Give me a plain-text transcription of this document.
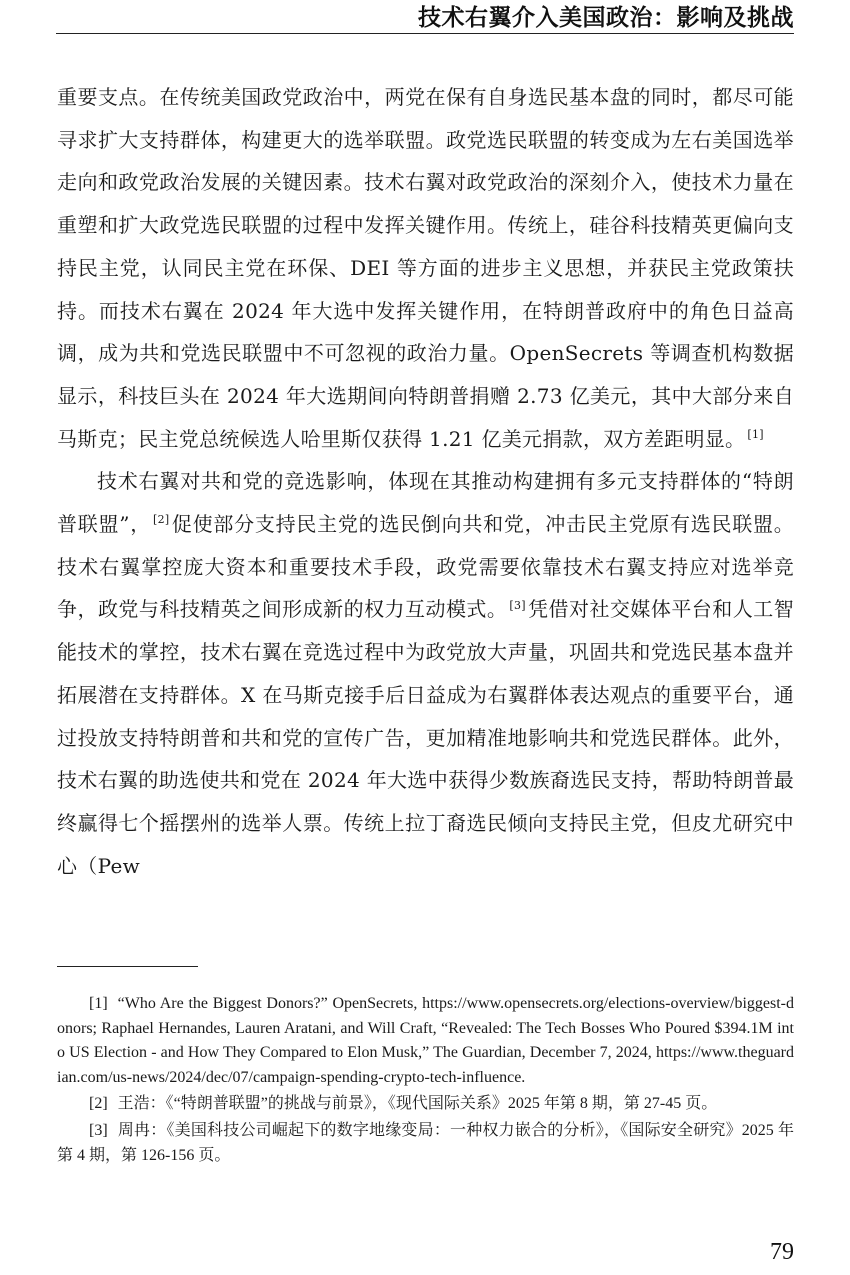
技术右翼介入美国政治：影响及挑战

重要支点。在传统美国政党政治中，两党在保有自身选民基本盘的同时，都尽可能寻求扩大支持群体，构建更大的选举联盟。政党选民联盟的转变成为左右美国选举走向和政党政治发展的关键因素。技术右翼对政党政治的深刻介入，使技术力量在重塑和扩大政党选民联盟的过程中发挥关键作用。传统上，硅谷科技精英更偏向支持民主党，认同民主党在环保、DEI 等方面的进步主义思想，并获民主党政策扶持。而技术右翼在 2024 年大选中发挥关键作用，在特朗普政府中的角色日益高调，成为共和党选民联盟中不可忽视的政治力量。OpenSecrets 等调查机构数据显示，科技巨头在 2024 年大选期间向特朗普捐赠 2.73 亿美元，其中大部分来自马斯克；民主党总统候选人哈里斯仅获得 1.21 亿美元捐款，双方差距明显。 [1]

技术右翼对共和党的竞选影响，体现在其推动构建拥有多元支持群体的“特朗普联盟”， [2] 促使部分支持民主党的选民倒向共和党，冲击民主党原有选民联盟。技术右翼掌控庞大资本和重要技术手段，政党需要依靠技术右翼支持应对选举竞争，政党与科技精英之间形成新的权力互动模式。 [3] 凭借对社交媒体平台和人工智能技术的掌控，技术右翼在竞选过程中为政党放大声量，巩固共和党选民基本盘并拓展潜在支持群体。X 在马斯克接手后日益成为右翼群体表达观点的重要平台，通过投放支持特朗普和共和党的宣传广告，更加精准地影响共和党选民群体。此外，技术右翼的助选使共和党在 2024 年大选中获得少数族裔选民支持，帮助特朗普最终赢得七个摇摆州的选举人票。传统上拉丁裔选民倾向支持民主党，但皮尤研究中心（Pew

[1] “Who Are the Biggest Donors?” OpenSecrets, https://www.opensecrets.org/elections-overview/biggest-donors; Raphael Hernandes, Lauren Aratani, and Will Craft, “Revealed: The Tech Bosses Who Poured $394.1M into US Election - and How They Compared to Elon Musk,” The Guardian, December 7, 2024, https://www.theguardian.com/us-news/2024/dec/07/campaign-spending-crypto-tech-influence.

[2] 王浩：《“特朗普联盟”的挑战与前景》，《现代国际关系》2025 年第 8 期，第 27-45 页。

[3] 周冉：《美国科技公司崛起下的数字地缘变局：一种权力嵌合的分析》，《国际安全研究》2025 年第 4 期，第 126-156 页。

79
